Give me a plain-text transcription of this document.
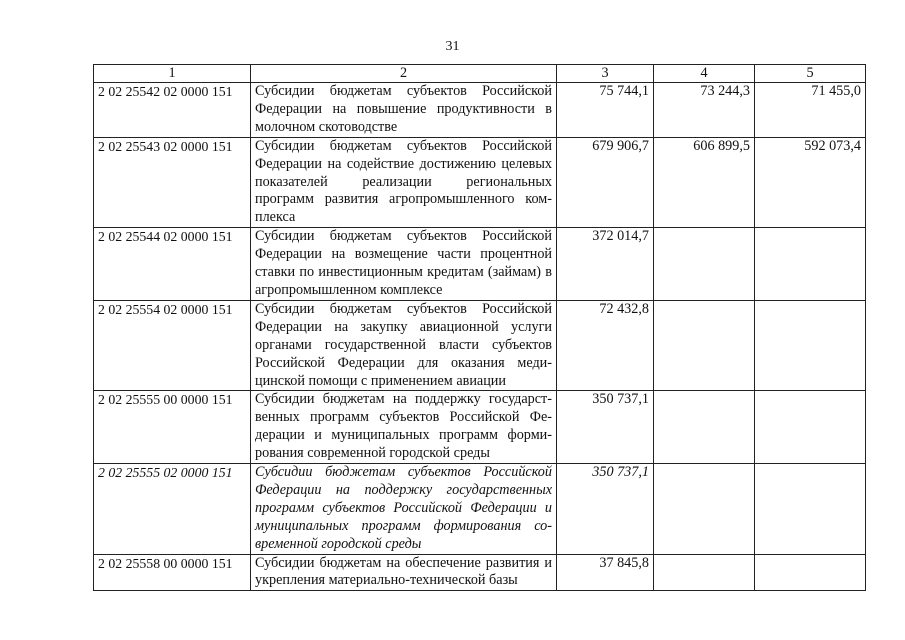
31
1	2	3	4	5
2 02 25542 02 0000 151	Субсидии бюджетам субъектов Российской Федерации на повышение продуктивности в молочном скотоводстве	75 744,1	73 244,3	71 455,0
2 02 25543 02 0000 151	Субсидии бюджетам субъектов Российской Федерации на содействие достижению целевых показателей реализации региональных программ развития агропромышленного комплекса	679 906,7	606 899,5	592 073,4
2 02 25544 02 0000 151	Субсидии бюджетам субъектов Российской Федерации на возмещение части процентной ставки по инвестиционным кредитам (займам) в агропромышленном комплексе	372 014,7		
2 02 25554 02 0000 151	Субсидии бюджетам субъектов Российской Федерации на закупку авиационной услуги органами государственной власти субъектов Российской Федерации для оказания медицинской помощи с применением авиации	72 432,8		
2 02 25555 00 0000 151	Субсидии бюджетам на поддержку государственных программ субъектов Российской Федерации и муниципальных программ формирования современной городской среды	350 737,1		
2 02 25555 02 0000 151	Субсидии бюджетам субъектов Российской Федерации на поддержку государственных программ субъектов Российской Федерации и муниципальных программ формирования современной городской среды	350 737,1		
2 02 25558 00 0000 151	Субсидии бюджетам на обеспечение развития и укрепления материально-технической базы	37 845,8		
